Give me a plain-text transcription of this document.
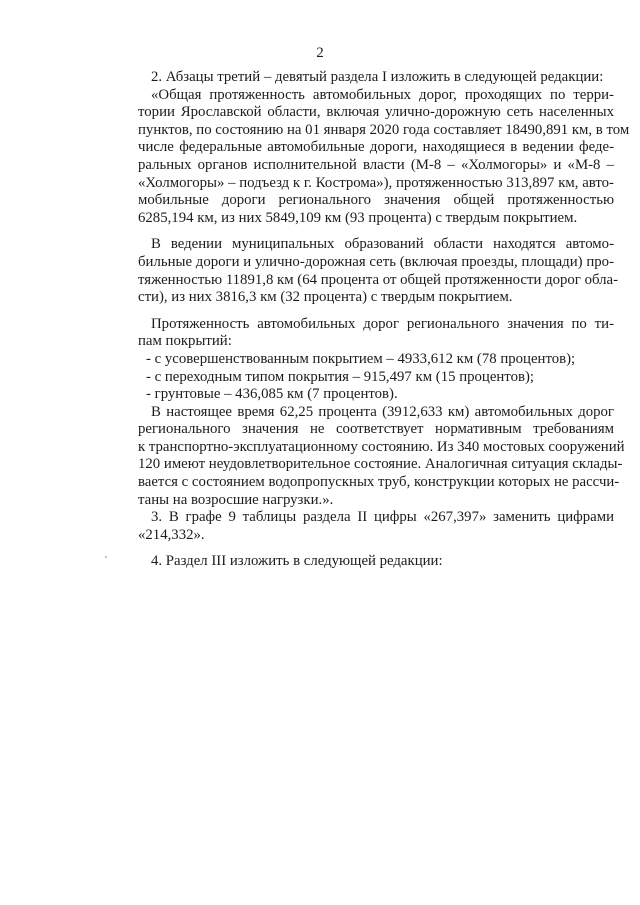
2
2. Абзацы третий – девятый раздела I изложить в следующей редакции:
«Общая протяженность автомобильных дорог, проходящих по терри-
тории Ярославской области, включая улично-дорожную сеть населенных
пунктов, по состоянию на 01 января 2020 года составляет 18490,891 км, в том
числе федеральные автомобильные дороги, находящиеся в ведении феде-
ральных органов исполнительной власти (М-8 – «Холмогоры» и «М-8 –
«Холмогоры» – подъезд к г. Кострома»), протяженностью 313,897 км, авто-
мобильные дороги регионального значения общей протяженностью
6285,194 км, из них 5849,109 км (93 процента) с твердым покрытием.
В ведении муниципальных образований области находятся автомо-
бильные дороги и улично-дорожная сеть (включая проезды, площади) про-
тяженностью 11891,8 км (64 процента от общей протяженности дорог обла-
сти), из них 3816,3 км (32 процента) с твердым покрытием.
Протяженность автомобильных дорог регионального значения по ти-
пам покрытий:
- с усовершенствованным покрытием – 4933,612 км (78 процентов);
- с переходным типом покрытия – 915,497 км (15 процентов);
- грунтовые – 436,085 км (7 процентов).
В настоящее время 62,25 процента (3912,633 км) автомобильных дорог
регионального значения не соответствует нормативным требованиям
к транспортно-эксплуатационному состоянию. Из 340 мостовых сооружений
120 имеют неудовлетворительное состояние. Аналогичная ситуация склады-
вается с состоянием водопропускных труб, конструкции которых не рассчи-
таны на возросшие нагрузки.».
3. В графе 9 таблицы раздела II цифры «267,397» заменить цифрами
«214,332».
4. Раздел III изложить в следующей редакции:
